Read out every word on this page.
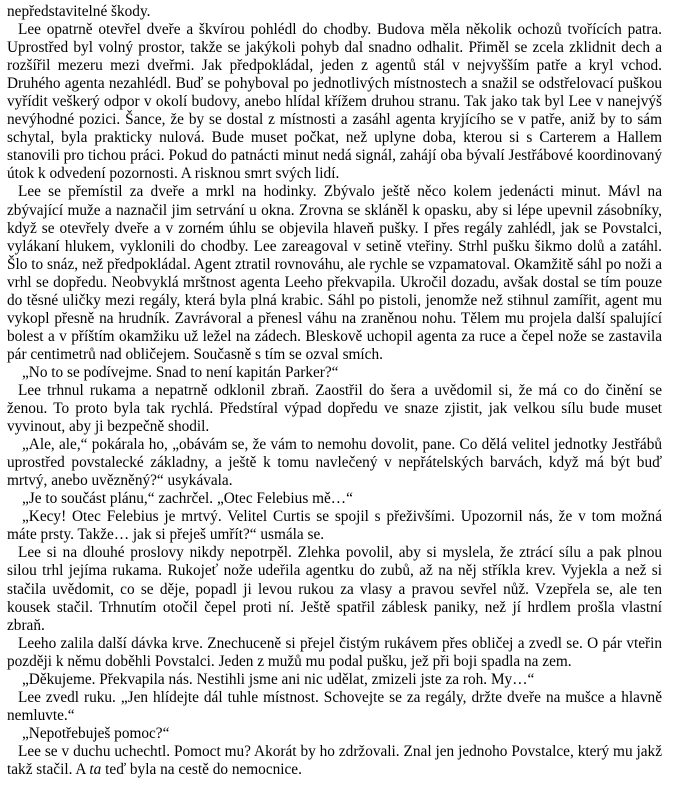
nepředstavitelné škody.

Lee opatrně otevřel dveře a škvírou pohlédl do chodby. Budova měla několik ochozů tvořících patra. Uprostřed byl volný prostor, takže se jakýkoli pohyb dal snadno odhalit. Přiměl se zcela zklidnit dech a rozšířil mezeru mezi dveřmi. Jak předpokládal, jeden z agentů stál v nejvyšším patře a kryl vchod. Druhého agenta nezahlédl. Buď se pohyboval po jednotlivých místnostech a snažil se odstřelovací puškou vyřídit veškerý odpor v okolí budovy, anebo hlídal křížem druhou stranu. Tak jako tak byl Lee v nanejvýš nevýhodné pozici. Šance, že by se dostal z místnosti a zasáhl agenta kryjícího se v patře, aniž by to sám schytal, byla prakticky nulová. Bude muset počkat, než uplyne doba, kterou si s Carterem a Hallem stanovili pro tichou práci. Pokud do patnácti minut nedá signál, zahájí oba bývalí Jestřábové koordinovaný útok k odvedení pozornosti. A risknou smrt svých lidí.

Lee se přemístil za dveře a mrkl na hodinky. Zbývalo ještě něco kolem jedenácti minut. Mávl na zbývající muže a naznačil jim setrvání u okna. Zrovna se skláněl k opasku, aby si lépe upevnil zásobníky, když se otevřely dveře a v zorném úhlu se objevila hlaveň pušky. I přes regály zahlédl, jak se Povstalci, vylákaní hlukem, vyklonili do chodby. Lee zareagoval v setině vteřiny. Strhl pušku šikmo dolů a zatáhl. Šlo to snáz, než předpokládal. Agent ztratil rovnováhu, ale rychle se vzpamatoval. Okamžitě sáhl po noži a vrhl se dopředu. Neobvyklá mrštnost agenta Leeho překvapila. Ukročil dozadu, avšak dostal se tím pouze do těsné uličky mezi regály, která byla plná krabic. Sáhl po pistoli, jenomže než stihnul zamířit, agent mu vykopl přesně na hrudník. Zavrávoral a přenesl váhu na zraněnou nohu. Tělem mu projela další spalující bolest a v příštím okamžiku už ležel na zádech. Bleskově uchopil agenta za ruce a čepel nože se zastavila pár centimetrů nad obličejem. Současně s tím se ozval smích.

„No to se podívejme. Snad to není kapitán Parker?“

Lee trhnul rukama a nepatrně odklonil zbraň. Zaostřil do šera a uvědomil si, že má co do činění se ženou. To proto byla tak rychlá. Předstíral výpad dopředu ve snaze zjistit, jak velkou sílu bude muset vyvinout, aby ji bezpečně shodil.

„Ale, ale,“ pokárala ho, „obávám se, že vám to nemohu dovolit, pane. Co dělá velitel jednotky Jestřábů uprostřed povstalecké základny, a ještě k tomu navlečený v nepřátelských barvách, když má být buď mrtvý, anebo uvězněný?“ usykávala.

„Je to součást plánu,“ zachrčel. „Otec Felebius mě…“

„Kecy! Otec Felebius je mrtvý. Velitel Curtis se spojil s přeživšími. Upozornil nás, že v tom možná máte prsty. Takže… jak si přeješ umřít?“ usmála se.

Lee si na dlouhé proslovy nikdy nepotrpěl. Zlehka povolil, aby si myslela, že ztrácí sílu a pak plnou silou trhl jejíma rukama. Rukojeť nože udeřila agentku do zubů, až na něj stříkla krev. Vyjekla a než si stačila uvědomit, co se děje, popadl ji levou rukou za vlasy a pravou sevřel nůž. Vzepřela se, ale ten kousek stačil. Trhnutím otočil čepel proti ní. Ještě spatřil záblesk paniky, než jí hrdlem prošla vlastní zbraň.

Leeho zalila další dávka krve. Znechuceně si přejel čistým rukávem přes obličej a zvedl se. O pár vteřin později k němu doběhli Povstalci. Jeden z mužů mu podal pušku, jež při boji spadla na zem.

„Děkujeme. Překvapila nás. Nestihli jsme ani nic udělat, zmizeli jste za roh. My…“

Lee zvedl ruku. „Jen hlídejte dál tuhle místnost. Schovejte se za regály, držte dveře na mušce a hlavně nemluvte.“

„Nepotřebuješ pomoc?“

Lee se v duchu uchechtl. Pomoct mu? Akorát by ho zdržovali. Znal jen jednoho Povstalce, který mu jakž takž stačil. A ta teď byla na cestě do nemocnice.
